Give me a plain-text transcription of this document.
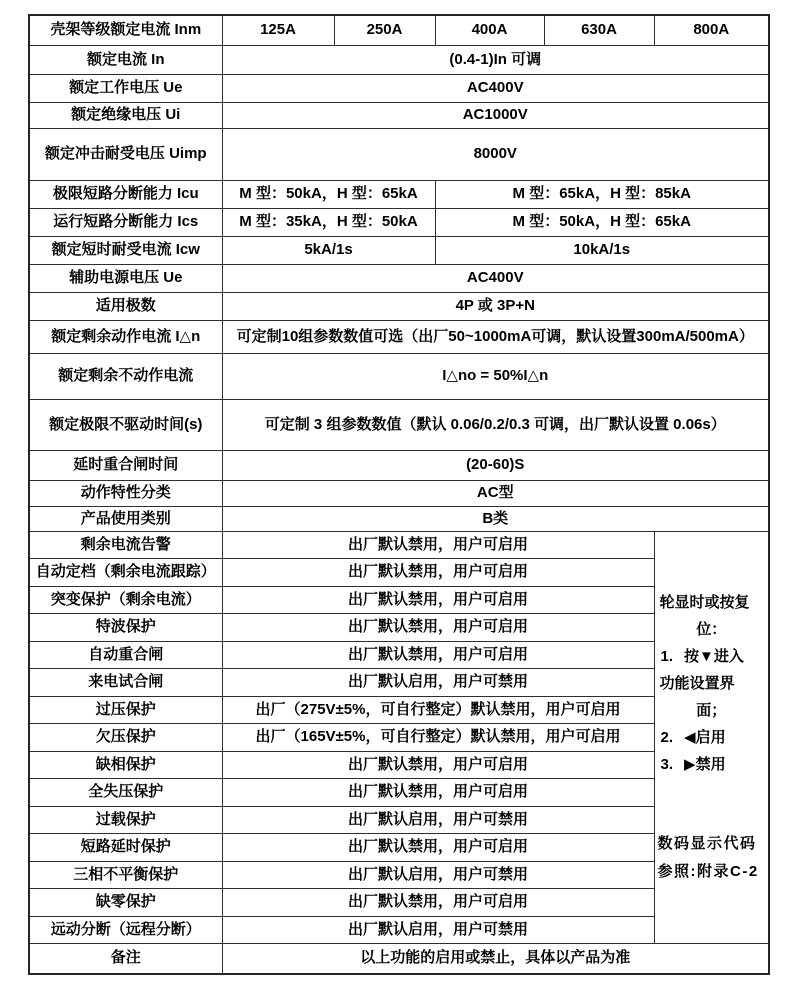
壳架等级额定电流 Inm	125A	250A	400A	630A	800A
额定电流 In	(0.4-1)In 可调				
额定工作电压 Ue	AC400V				
额定绝缘电压 Ui	AC1000V				
额定冲击耐受电压 Uimp	8000V				
极限短路分断能力 Icu	M 型：50kA，H 型：65kA		M 型：65kA，H 型：85kA		
运行短路分断能力 Ics	M 型：35kA，H 型：50kA		M 型：50kA，H 型：65kA		
额定短时耐受电流 Icw	5kA/1s		10kA/1s		
辅助电源电压 Ue	AC400V				
适用极数	4P 或 3P+N				
额定剩余动作电流 I△n	可定制10组参数数值可选（出厂50~1000mA可调，默认设置300mA/500mA）				
额定剩余不动作电流	I△no = 50%I△n				
额定极限不驱动时间(s)	可定制 3 组参数数值（默认 0.06/0.2/0.3 可调，出厂默认设置 0.06s）				
延时重合闸时间	(20-60)S				
动作特性分类	AC型				
产品使用类别	B类				
剩余电流告警	出厂默认禁用，用户可启用	
轮显时或按复
位：
1. 按▼进入
功能设置界
面；
2. ◀启用
3. ▶禁用
数码显示代码
参照:附录C-2

自动定档（剩余电流跟踪）	出厂默认禁用，用户可启用				
突变保护（剩余电流）	出厂默认禁用，用户可启用				
特波保护	出厂默认禁用，用户可启用				
自动重合闸	出厂默认禁用，用户可启用				
来电试合闸	出厂默认启用，用户可禁用				
过压保护	出厂（275V±5%，可自行整定）默认禁用，用户可启用				
欠压保护	出厂（165V±5%，可自行整定）默认禁用，用户可启用				
缺相保护	出厂默认禁用，用户可启用				
全失压保护	出厂默认禁用，用户可启用				
过载保护	出厂默认启用，用户可禁用				
短路延时保护	出厂默认禁用，用户可启用				
三相不平衡保护	出厂默认启用，用户可禁用				
缺零保护	出厂默认禁用，用户可启用				
远动分断（远程分断）	出厂默认启用，用户可禁用				
备注	以上功能的启用或禁止，具体以产品为准				
